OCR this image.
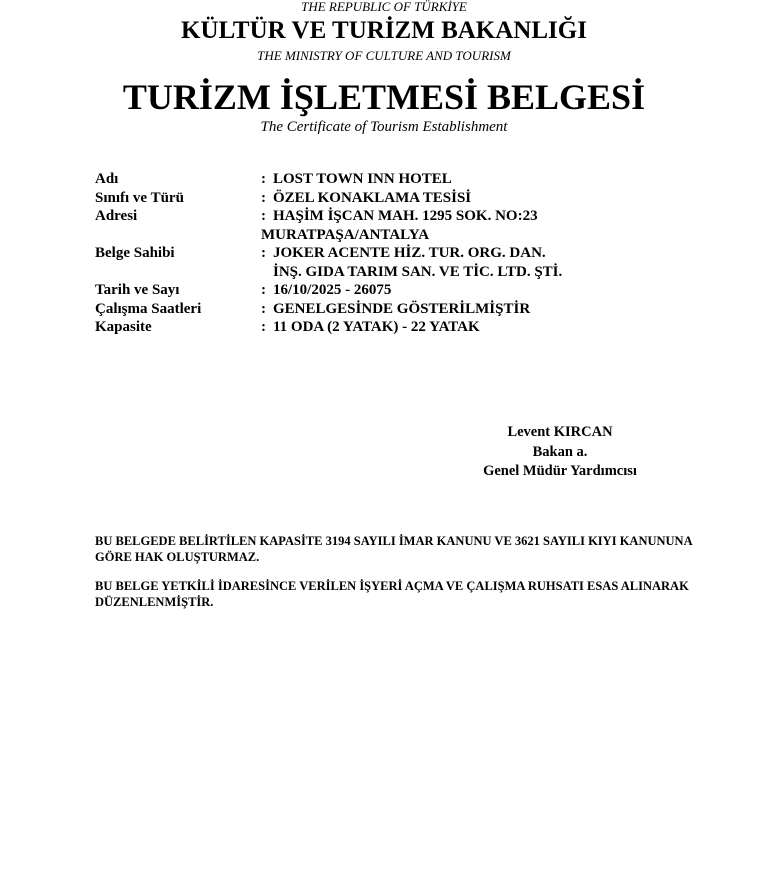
THE REPUBLIC OF TÜRKİYE
KÜLTÜR VE TURİZM BAKANLIĞI
THE MINISTRY OF CULTURE AND TOURISM
TURİZM İŞLETMESİ BELGESİ
The Certificate of Tourism Establishment
Adı	: LOST TOWN INN HOTEL
Sınıfı ve Türü	: ÖZEL KONAKLAMA TESİSİ
Adresi	: HAŞİM İŞCAN MAH. 1295 SOK. NO:23
MURATPAŞA/ANTALYA
Belge Sahibi	: JOKER ACENTE HİZ. TUR. ORG. DAN.
İNŞ. GIDA TARIM SAN. VE TİC. LTD. ŞTİ.
Tarih ve Sayı	: 16/10/2025 - 26075
Çalışma Saatleri	: GENELGESİNDE GÖSTERİLMİŞTİR
Kapasite	: 11 ODA (2 YATAK) - 22 YATAK
Levent KIRCAN
Bakan a.
Genel Müdür Yardımcısı
BU BELGEDE BELİRTİLEN KAPASİTE 3194 SAYILI İMAR KANUNU VE 3621 SAYILI KIYI KANUNUNA GÖRE HAK OLUŞTURMAZ.
BU BELGE YETKİLİ İDARESİNCE VERİLEN İŞYERİ AÇMA VE ÇALIŞMA RUHSATI ESAS ALINARAK DÜZENLENMİŞTİR.
